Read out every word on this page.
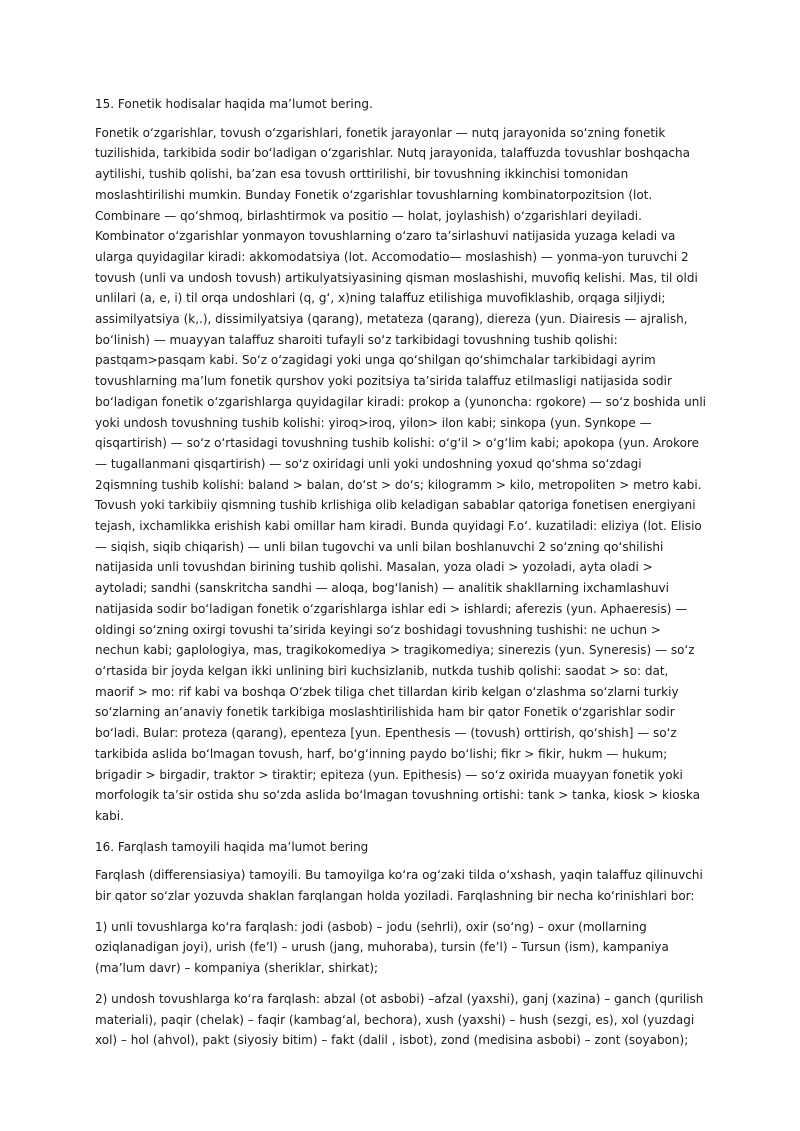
15. Fonetik hodisalar haqida ma’lumot bering.

Fonetik o‘zgarishlar, tovush o‘zgarishlari, fonetik jarayonlar — nutq jarayonida so‘zning fonetik tuzilishida, tarkibida sodir bo‘ladigan o‘zgarishlar. Nutq jarayonida, talaffuzda tovushlar boshqacha aytilishi, tushib qolishi, ba’zan esa tovush orttirilishi, bir tovushning ikkinchisi tomonidan moslashtirilishi mumkin. Bunday Fonetik o‘zgarishlar tovushlarning kombinatorpozitsion (lot. Combinare — qo‘shmoq, birlashtirmok va positio — holat, joylashish) o‘zgarishlari deyiladi. Kombinator o‘zgarishlar yonmayon tovushlarning o‘zaro ta’sirlashuvi natijasida yuzaga keladi va ularga quyidagilar kiradi: akkomodatsiya (lot. Accomodatio— moslashish) — yonma-yon turuvchi 2 tovush (unli va undosh tovush) artikulyatsiyasining qisman moslashishi, muvofiq kelishi. Mas, til oldi unlilari (a, e, i) til orqa undoshlari (q, g‘, x)ning talaffuz etilishiga muvofiklashib, orqaga siljiydi; assimilyatsiya (k,.), dissimilyatsiya (qarang), metateza (qarang), diereza (yun. Diairesis — ajralish, bo‘linish) — muayyan talaffuz sharoiti tufayli so‘z tarkibidagi tovushning tushib qolishi: pastqam>pasqam kabi. So‘z o‘zagidagi yoki unga qo‘shilgan qo‘shimchalar tarkibidagi ayrim tovushlarning ma’lum fonetik qurshov yoki pozitsiya ta’sirida talaffuz etilmasligi natijasida sodir bo‘ladigan fonetik o‘zgarishlarga quyidagilar kiradi: prokop a (yunoncha: rgokore) — so‘z boshida unli yoki undosh tovushning tushib kolishi: yiroq>iroq, yilon> ilon kabi; sinkopa (yun. Synkope — qisqartirish) — so‘z o‘rtasidagi tovushning tushib kolishi: o‘g‘il > o‘g‘lim kabi; apokopa (yun. Arokore — tugallanmani qisqartirish) — so‘z oxiridagi unli yoki undoshning yoxud qo‘shma so‘zdagi 2qismning tushib kolishi: baland > balan, do‘st > do‘s; kilogramm > kilo, metropoliten > metro kabi. Tovush yoki tarkibiiy qismning tushib krlishiga olib keladigan sabablar qatoriga fonetisen energiyani tejash, ixchamlikka erishish kabi omillar ham kiradi. Bunda quyidagi F.o‘. kuzatiladi: eliziya (lot. Elisio — siqish, siqib chiqarish) — unli bilan tugovchi va unli bilan boshlanuvchi 2 so‘zning qo‘shilishi natijasida unli tovushdan birining tushib qolishi. Masalan, yoza oladi > yozoladi, ayta oladi > aytoladi; sandhi (sanskritcha sandhi — aloqa, bog‘lanish) — analitik shakllarning ixchamlashuvi natijasida sodir bo‘ladigan fonetik o‘zgarishlarga ishlar edi > ishlardi; aferezis (yun. Aphaeresis) — oldingi so‘zning oxirgi tovushi ta’sirida keyingi so‘z boshidagi tovushning tushishi: ne uchun > nechun kabi; gaplologiya, mas, tragikokomediya > tragikomediya; sinerezis (yun. Syneresis) — so‘z o‘rtasida bir joyda kelgan ikki unlining biri kuchsizlanib, nutkda tushib qolishi: saodat > so: dat, maorif > mo: rif kabi va boshqa O‘zbek tiliga chet tillardan kirib kelgan o‘zlashma so‘zlarni turkiy so‘zlarning an’anaviy fonetik tarkibiga moslashtirilishida ham bir qator Fonetik o‘zgarishlar sodir bo‘ladi. Bular: proteza (qarang), epenteza [yun. Epenthesis — (tovush) orttirish, qo‘shish] — so‘z tarkibida aslida bo‘lmagan tovush, harf, bo‘g‘inning paydo bo‘lishi; fikr > fikir, hukm — hukum; brigadir > birgadir, traktor > tiraktir; epiteza (yun. Epithesis) — so‘z oxirida muayyan fonetik yoki morfologik ta’sir ostida shu so‘zda aslida bo‘lmagan tovushning ortishi: tank > tanka, kiosk > kioska kabi.

16. Farqlash tamoyili haqida ma’lumot bering

Farqlash (differensiasiya) tamoyili. Bu tamoyilga ko‘ra og‘zaki tilda o‘xshash, yaqin talaffuz qilinuvchi bir qator so‘zlar yozuvda shaklan farqlangan holda yoziladi. Farqlashning bir necha ko‘rinishlari bor:

1) unli tovushlarga ko‘ra farqlash: jodi (asbob) – jodu (sehrli), oxir (so‘ng) – oxur (mollarning oziqlanadigan joyi), urish (fe’l) – urush (jang, muhoraba), tursin (fe’l) – Tursun (ism), kampaniya (ma’lum davr) – kompaniya (sheriklar, shirkat);

2) undosh tovushlarga ko‘ra farqlash: abzal (ot asbobi) –afzal (yaxshi), ganj (xazina) – ganch (qurilish materiali), paqir (chelak) – faqir (kambag‘al, bechora), xush (yaxshi) – hush (sezgi, es), xol (yuzdagi xol) – hol (ahvol), pakt (siyosiy bitim) – fakt (dalil , isbot), zond (medisina asbobi) – zont (soyabon);
